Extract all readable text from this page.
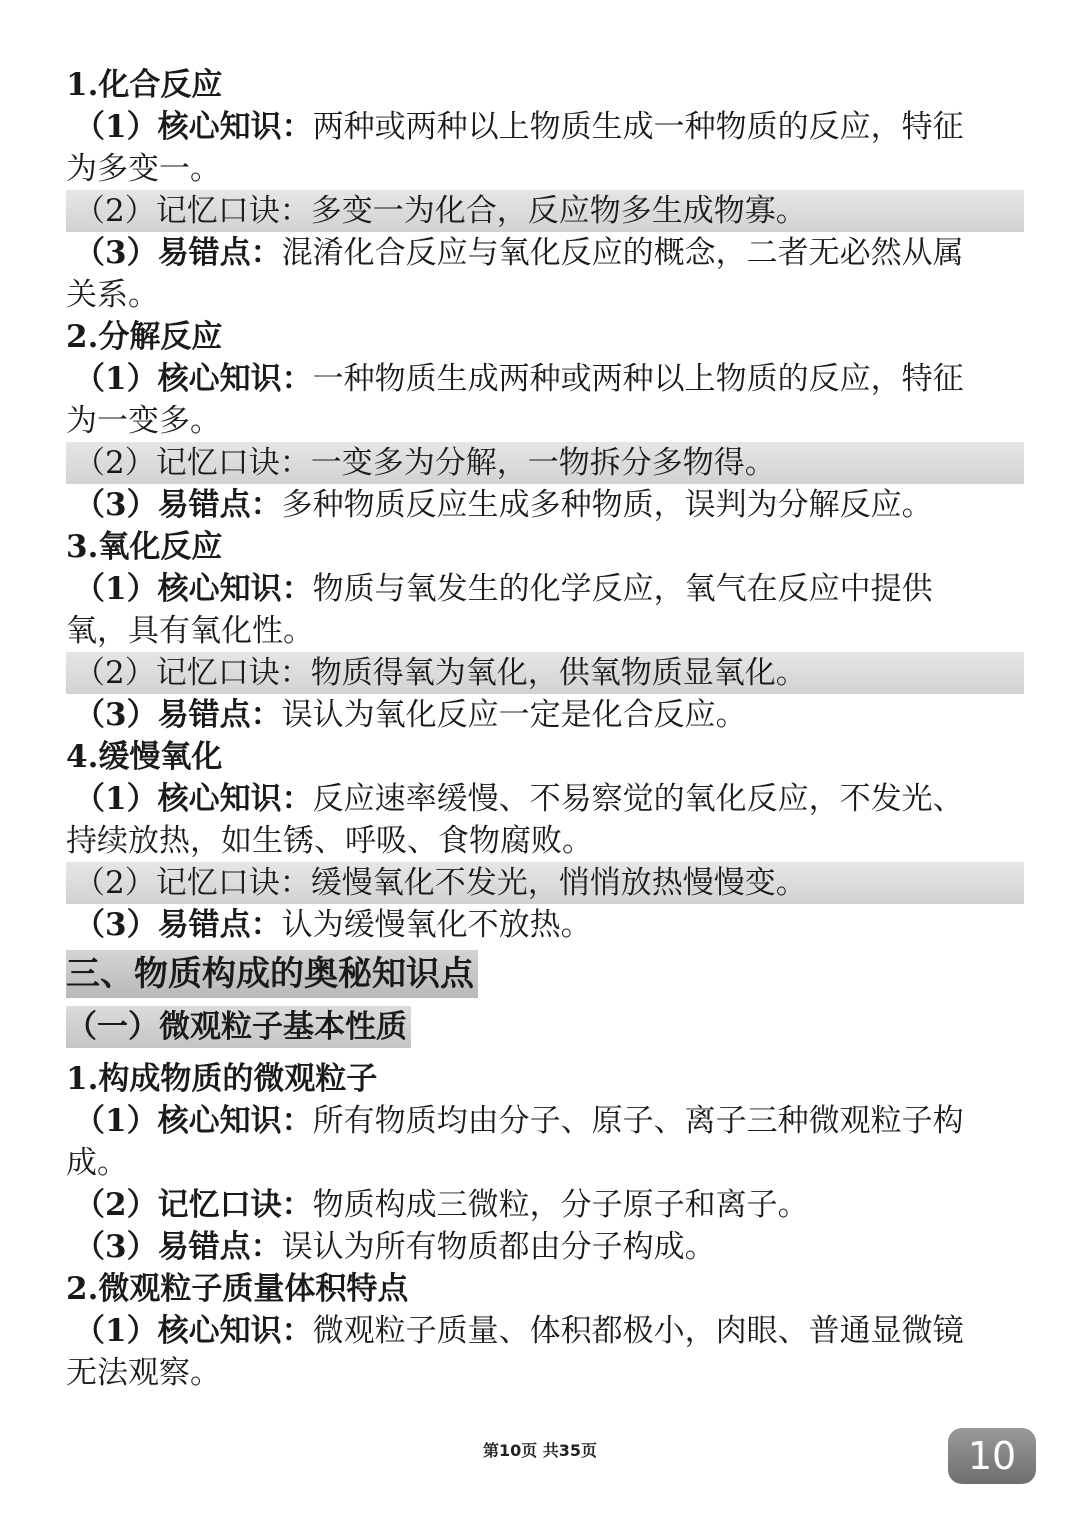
1.化合反应
（1）核心知识：两种或两种以上物质生成一种物质的反应，特征
为多变一。
（2）记忆口诀：多变一为化合，反应物多生成物寡。
（3）易错点：混淆化合反应与氧化反应的概念，二者无必然从属
关系。
2.分解反应
（1）核心知识：一种物质生成两种或两种以上物质的反应，特征
为一变多。
（2）记忆口诀：一变多为分解，一物拆分多物得。
（3）易错点：多种物质反应生成多种物质，误判为分解反应。
3.氧化反应
（1）核心知识：物质与氧发生的化学反应，氧气在反应中提供
氧，具有氧化性。
（2）记忆口诀：物质得氧为氧化，供氧物质显氧化。
（3）易错点：误认为氧化反应一定是化合反应。
4.缓慢氧化
（1）核心知识：反应速率缓慢、不易察觉的氧化反应，不发光、
持续放热，如生锈、呼吸、食物腐败。
（2）记忆口诀：缓慢氧化不发光，悄悄放热慢慢变。
（3）易错点：认为缓慢氧化不放热。
三、物质构成的奥秘知识点
（一）微观粒子基本性质
1.构成物质的微观粒子
（1）核心知识：所有物质均由分子、原子、离子三种微观粒子构
成。
（2）记忆口诀：物质构成三微粒，分子原子和离子。
（3）易错点：误认为所有物质都由分子构成。
2.微观粒子质量体积特点
（1）核心知识：微观粒子质量、体积都极小，肉眼、普通显微镜
无法观察。
第10页 共35页	10
